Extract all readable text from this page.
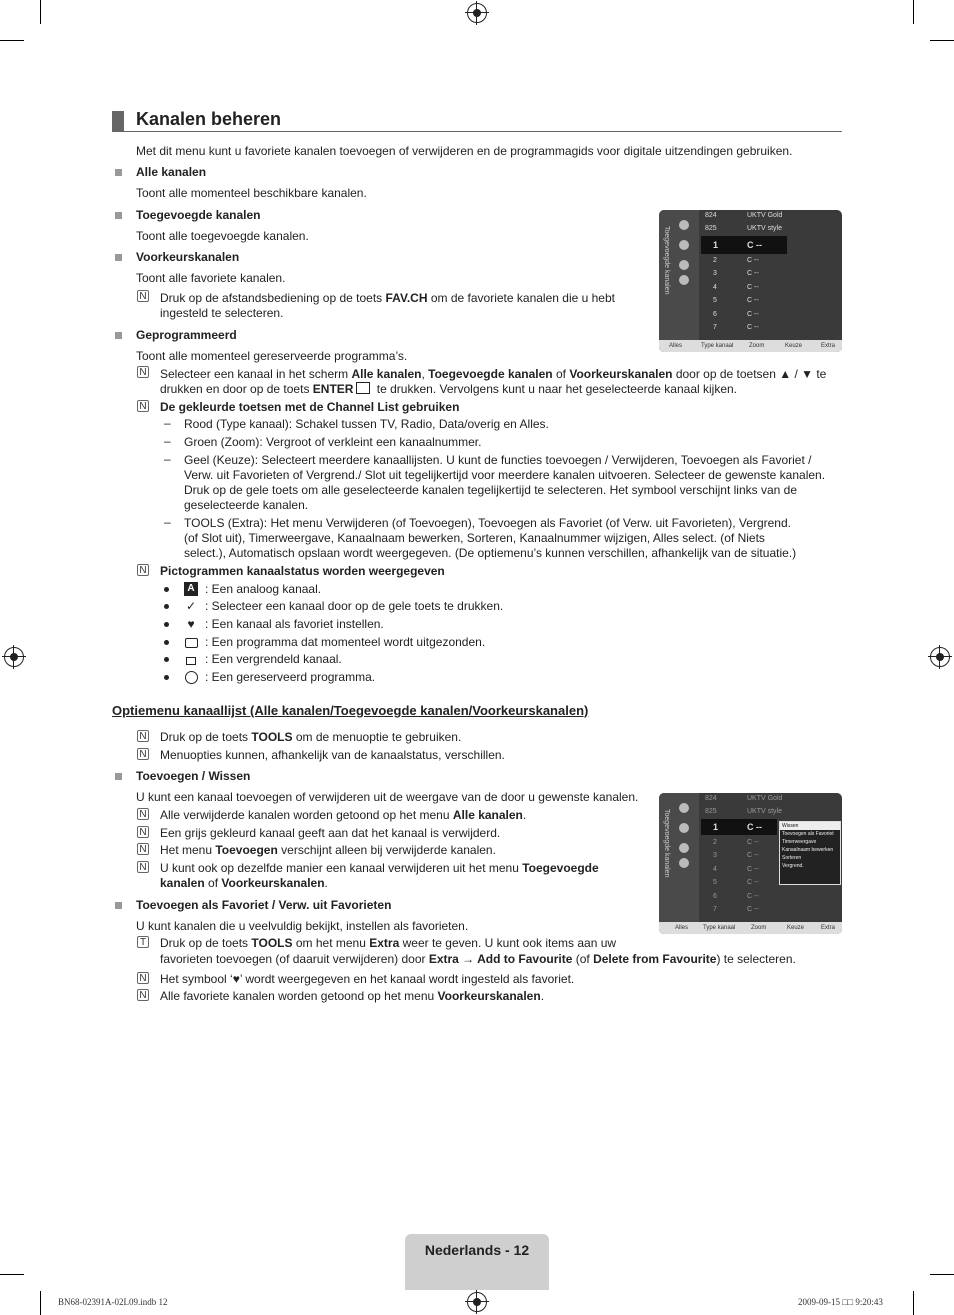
Kanalen beheren
Met dit menu kunt u favoriete kanalen toevoegen of verwijderen en de programmagids voor digitale uitzendingen gebruiken.
Alle kanalen
Toont alle momenteel beschikbare kanalen.
Toegevoegde kanalen
Toont alle toegevoegde kanalen.
Voorkeurskanalen
Toont alle favoriete kanalen.
N Druk op de afstandsbediening op de toets FAV.CH om de favoriete kanalen die u hebt
ingesteld te selecteren.
Geprogrammeerd
Toont alle momenteel gereserveerde programma’s.
N Selecteer een kanaal in het scherm Alle kanalen, Toegevoegde kanalen of Voorkeurskanalen door op de toetsen ▲ / ▼ te
drukken en door op de toets ENTER te drukken. Vervolgens kunt u naar het geselecteerde kanaal kijken.
N De gekleurde toetsen met de Channel List gebruiken
– Rood (Type kanaal): Schakel tussen TV, Radio, Data/overig en Alles.
– Groen (Zoom): Vergroot of verkleint een kanaalnummer.
– Geel (Keuze): Selecteert meerdere kanaallijsten. U kunt de functies toevoegen / Verwijderen, Toevoegen als Favoriet /
Verw. uit Favorieten of Vergrend./ Slot uit tegelijkertijd voor meerdere kanalen uitvoeren. Selecteer de gewenste kanalen.
Druk op de gele toets om alle geselecteerde kanalen tegelijkertijd te selecteren. Het symbool verschijnt links van de
geselecteerde kanalen.
– TOOLS (Extra): Het menu Verwijderen (of Toevoegen), Toevoegen als Favoriet (of Verw. uit Favorieten), Vergrend.
(of Slot uit), Timerweergave, Kanaalnaam bewerken, Sorteren, Kanaalnummer wijzigen, Alles select. (of Niets
select.), Automatisch opslaan wordt weergegeven. (De optiemenu’s kunnen verschillen, afhankelijk van de situatie.)
N Pictogrammen kanaalstatus worden weergegeven
A : Een analoog kanaal.
✓ : Selecteer een kanaal door op de gele toets te drukken.
♥ : Een kanaal als favoriet instellen.
: Een programma dat momenteel wordt uitgezonden.
: Een vergrendeld kanaal.
: Een gereserveerd programma.
Toegevoegde kanalen
824	UKTV Gold
825	UKTV style
1	C --
2	C --
3	C --
4	C --
5	C --
6	C --
7	C --
Alles	Type kanaal	Zoom	Keuze	Extra
Optiemenu kanaallijst (Alle kanalen/Toegevoegde kanalen/Voorkeurskanalen)
N Druk op de toets TOOLS om de menuoptie te gebruiken.
N Menuopties kunnen, afhankelijk van de kanaalstatus, verschillen.
Toevoegen / Wissen
U kunt een kanaal toevoegen of verwijderen uit de weergave van de door u gewenste kanalen.
N Alle verwijderde kanalen worden getoond op het menu Alle kanalen.
N Een grijs gekleurd kanaal geeft aan dat het kanaal is verwijderd.
N Het menu Toevoegen verschijnt alleen bij verwijderde kanalen.
N U kunt ook op dezelfde manier een kanaal verwijderen uit het menu Toegevoegde
kanalen of Voorkeurskanalen.
Toegevoegde kanalen
824	UKTV Gold
825	UKTV style
1	C --
2	C --
3	C --
4	C --
5	C --
6	C --
7	C --
Wissen
Toevoegen als Favoriet
Timerweergave
Kanaalnaam bewerken
Sorteren
Vergrend.
Alles Type kanaal	Zoom	Keuze	Extra
Toevoegen als Favoriet / Verw. uit Favorieten
U kunt kanalen die u veelvuldig bekijkt, instellen als favorieten.
T Druk op de toets TOOLS om het menu Extra weer te geven. U kunt ook items aan uw
favorieten toevoegen (of daaruit verwijderen) door Extra → Add to Favourite (of Delete from Favourite) te selecteren.
N Het symbool ‘♥’ wordt weergegeven en het kanaal wordt ingesteld als favoriet.
N Alle favoriete kanalen worden getoond op het menu Voorkeurskanalen.
Nederlands - 12
BN68-02391A-02L09.indb 12	2009-09-15 □□ 9:20:43
